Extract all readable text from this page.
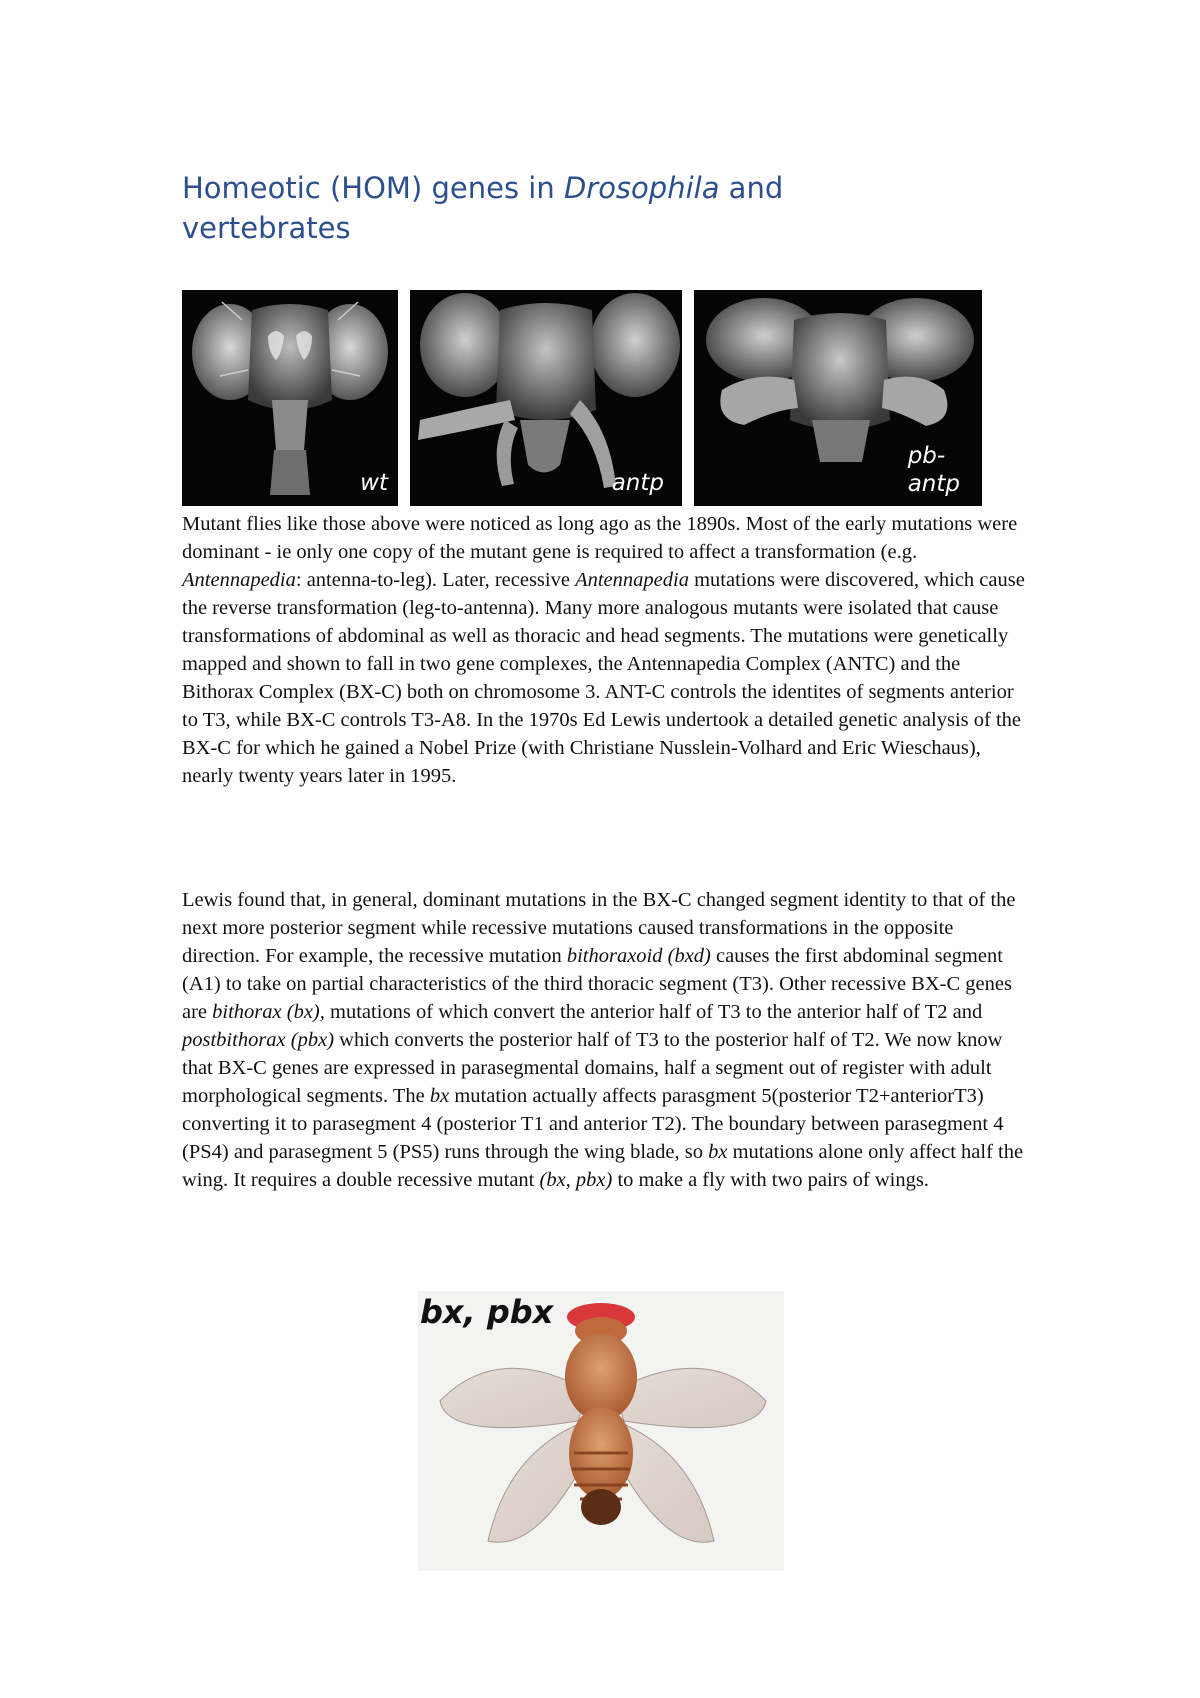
Homeotic (HOM) genes in Drosophila and vertebrates
wt	antp
pb-
antp

Mutant flies like those above were noticed as long ago as the 1890s. Most of the early mutations were dominant - ie only one copy of the mutant gene is required to affect a transformation (e.g. Antennapedia: antenna-to-leg). Later, recessive Antennapedia mutations were discovered, which cause the reverse transformation (leg-to-antenna). Many more analogous mutants were isolated that cause transformations of abdominal as well as thoracic and head segments. The mutations were genetically mapped and shown to fall in two gene complexes, the Antennapedia Complex (ANTC) and the Bithorax Complex (BX-C) both on chromosome 3. ANT-C controls the identites of segments anterior to T3, while BX-C controls T3-A8. In the 1970s Ed Lewis undertook a detailed genetic analysis of the BX-C for which he gained a Nobel Prize (with Christiane Nusslein-Volhard and Eric Wieschaus), nearly twenty years later in 1995.

Lewis found that, in general, dominant mutations in the BX-C changed segment identity to that of the next more posterior segment while recessive mutations caused transformations in the opposite direction. For example, the recessive mutation bithoraxoid (bxd) causes the first abdominal segment (A1) to take on partial characteristics of the third thoracic segment (T3). Other recessive BX-C genes are bithorax (bx), mutations of which convert the anterior half of T3 to the anterior half of T2 and postbithorax (pbx) which converts the posterior half of T3 to the posterior half of T2. We now know that BX-C genes are expressed in parasegmental domains, half a segment out of register with adult morphological segments. The bx mutation actually affects parasgment 5(posterior T2+anteriorT3) converting it to parasegment 4 (posterior T1 and anterior T2). The boundary between parasegment 4 (PS4) and parasegment 5 (PS5) runs through the wing blade, so bx mutations alone only affect half the wing. It requires a double recessive mutant (bx, pbx) to make a fly with two pairs of wings.

bx, pbx
